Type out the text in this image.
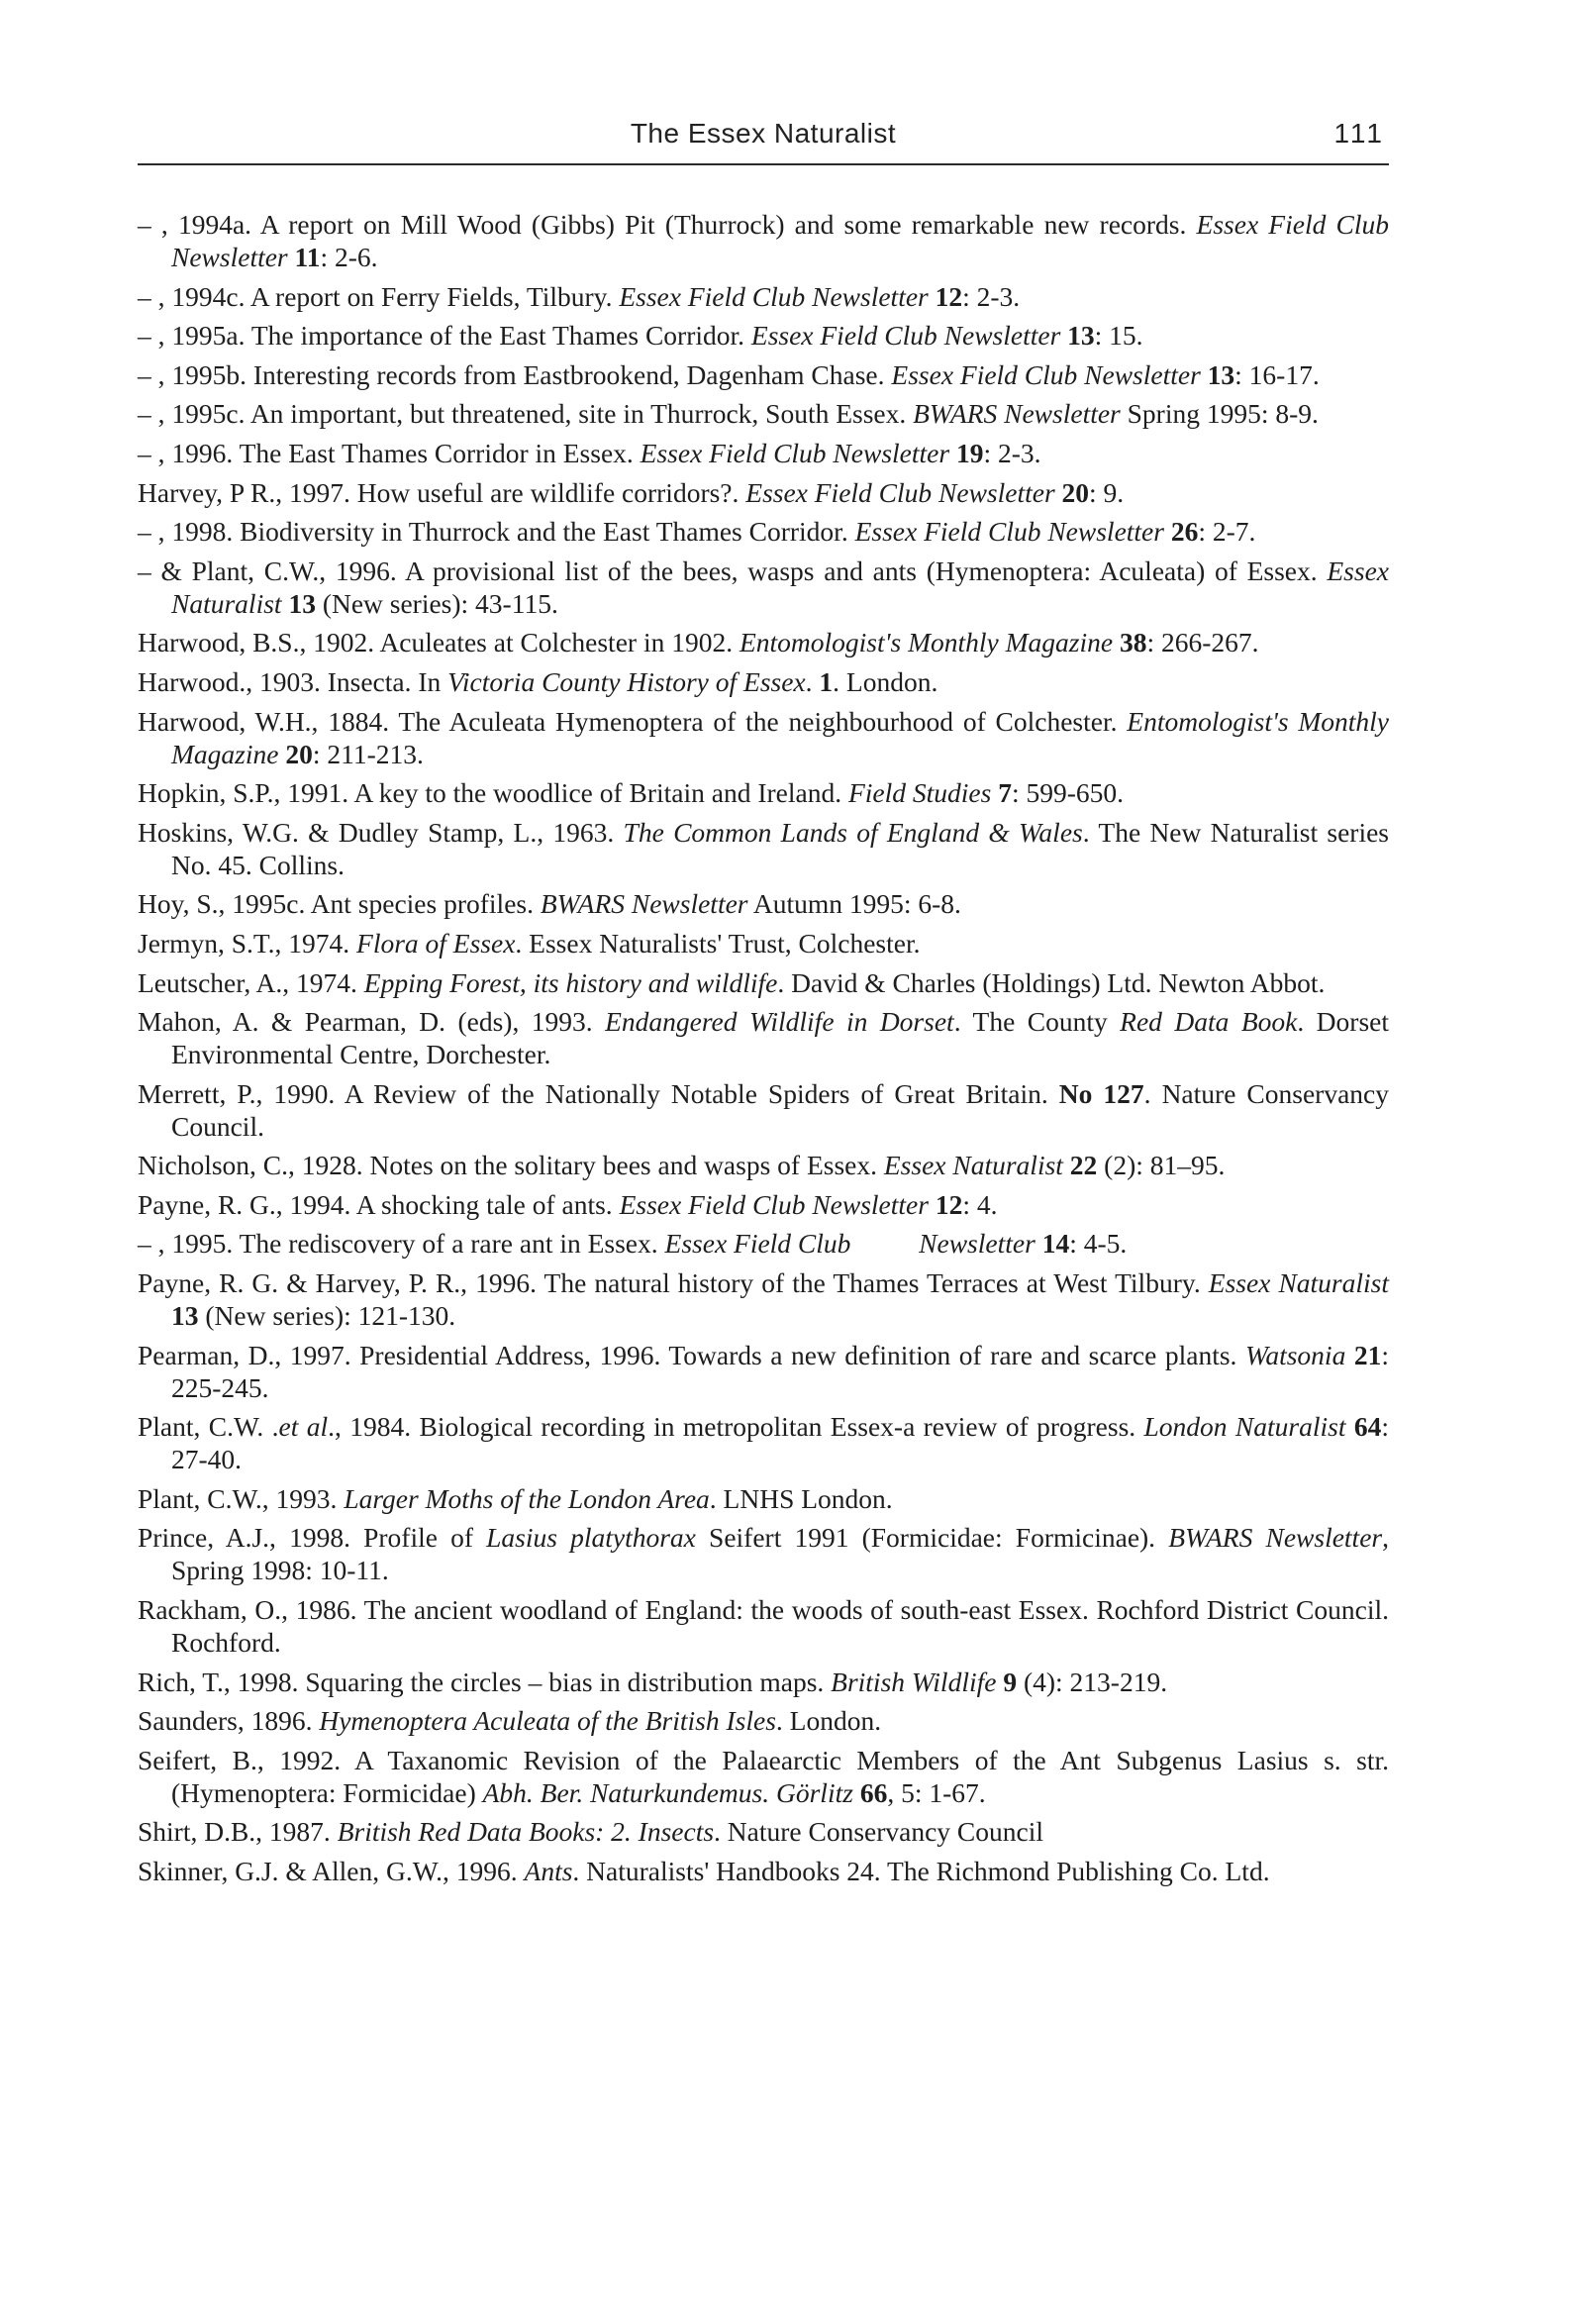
The Essex Naturalist	111
– , 1994a. A report on Mill Wood (Gibbs) Pit (Thurrock) and some remarkable new records. Essex Field Club Newsletter 11: 2-6.
– , 1994c. A report on Ferry Fields, Tilbury. Essex Field Club Newsletter 12: 2-3.
– , 1995a. The importance of the East Thames Corridor. Essex Field Club Newsletter 13: 15.
– , 1995b. Interesting records from Eastbrookend, Dagenham Chase. Essex Field Club Newsletter 13: 16-17.
– , 1995c. An important, but threatened, site in Thurrock, South Essex. BWARS Newsletter Spring 1995: 8-9.
– , 1996. The East Thames Corridor in Essex. Essex Field Club Newsletter 19: 2-3.
Harvey, P R., 1997. How useful are wildlife corridors?. Essex Field Club Newsletter 20: 9.
– , 1998. Biodiversity in Thurrock and the East Thames Corridor. Essex Field Club Newsletter 26: 2-7.
– & Plant, C.W., 1996. A provisional list of the bees, wasps and ants (Hymenoptera: Aculeata) of Essex. Essex Naturalist 13 (New series): 43-115.
Harwood, B.S., 1902. Aculeates at Colchester in 1902. Entomologist's Monthly Magazine 38: 266-267.
Harwood., 1903. Insecta. In Victoria County History of Essex. 1. London.
Harwood, W.H., 1884. The Aculeata Hymenoptera of the neighbourhood of Colchester. Entomologist's Monthly Magazine 20: 211-213.
Hopkin, S.P., 1991. A key to the woodlice of Britain and Ireland. Field Studies 7: 599-650.
Hoskins, W.G. & Dudley Stamp, L., 1963. The Common Lands of England & Wales. The New Naturalist series No. 45. Collins.
Hoy, S., 1995c. Ant species profiles. BWARS Newsletter Autumn 1995: 6-8.
Jermyn, S.T., 1974. Flora of Essex. Essex Naturalists' Trust, Colchester.
Leutscher, A., 1974. Epping Forest, its history and wildlife. David & Charles (Holdings) Ltd. Newton Abbot.
Mahon, A. & Pearman, D. (eds), 1993. Endangered Wildlife in Dorset. The County Red Data Book. Dorset Environmental Centre, Dorchester.
Merrett, P., 1990. A Review of the Nationally Notable Spiders of Great Britain. No 127. Nature Conservancy Council.
Nicholson, C., 1928. Notes on the solitary bees and wasps of Essex. Essex Naturalist 22 (2): 81–95.
Payne, R. G., 1994. A shocking tale of ants. Essex Field Club Newsletter 12: 4.
– , 1995. The rediscovery of a rare ant in Essex. Essex Field Club	Newsletter 14: 4-5.
Payne, R. G. & Harvey, P. R., 1996. The natural history of the Thames Terraces at West Tilbury. Essex Naturalist 13 (New series): 121-130.
Pearman, D., 1997. Presidential Address, 1996. Towards a new definition of rare and scarce plants. Watsonia 21: 225-245.
Plant, C.W. .et al., 1984. Biological recording in metropolitan Essex-a review of progress. London Naturalist 64: 27-40.
Plant, C.W., 1993. Larger Moths of the London Area. LNHS London.
Prince, A.J., 1998. Profile of Lasius platythorax Seifert 1991 (Formicidae: Formicinae). BWARS Newsletter, Spring 1998: 10-11.
Rackham, O., 1986. The ancient woodland of England: the woods of south-east Essex. Rochford District Council. Rochford.
Rich, T., 1998. Squaring the circles – bias in distribution maps. British Wildlife 9 (4): 213-219.
Saunders, 1896. Hymenoptera Aculeata of the British Isles. London.
Seifert, B., 1992. A Taxanomic Revision of the Palaearctic Members of the Ant Subgenus Lasius s. str. (Hymenoptera: Formicidae) Abh. Ber. Naturkundemus. Görlitz 66, 5: 1-67.
Shirt, D.B., 1987. British Red Data Books: 2. Insects. Nature Conservancy Council
Skinner, G.J. & Allen, G.W., 1996. Ants. Naturalists' Handbooks 24. The Richmond Publishing Co. Ltd.
